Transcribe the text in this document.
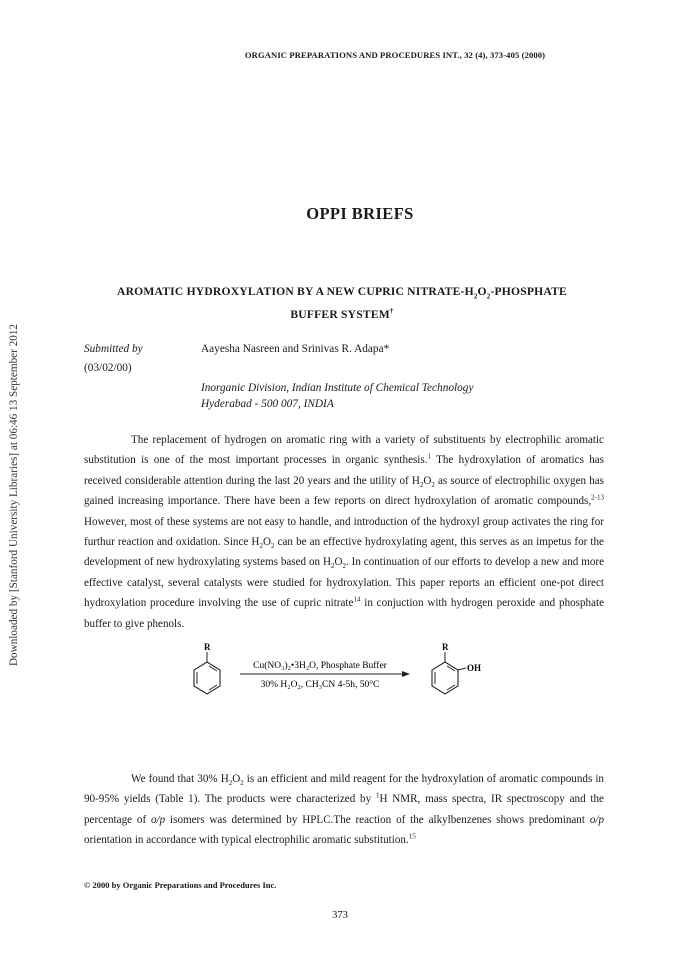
Downloaded by [Stanford University Libraries] at 06:46 13 September 2012
ORGANIC PREPARATIONS AND PROCEDURES INT., 32 (4), 373-405 (2000)
OPPI BRIEFS
AROMATIC HYDROXYLATION BY A NEW CUPRIC NITRATE-$H_2O_2$-PHOSPHATE
BUFFER SYSTEM†
Submitted by
(03/02/00)
Aayesha Nasreen and Srinivas R. Adapa*
Inorganic Division, Indian Institute of Chemical Technology
Hyderabad - 500 007, INDIA
The replacement of hydrogen on aromatic ring with a variety of substituents by electrophilic aromatic substitution is one of the most important processes in organic synthesis.$^1$ The hydroxylation of aromatics has received considerable attention during the last 20 years and the utility of $H_2O_2$ as source of electrophilic oxygen has gained increasing importance. There have been a few reports on direct hydroxylation of aromatic compounds,$^{2-13}$ However, most of these systems are not easy to handle, and introduction of the hydroxyl group activates the ring for furthur reaction and oxidation. Since $H_2O_2$ can be an effective hydroxylating agent, this serves as an impetus for the development of new hydroxylating systems based on $H_2O_2$. In continuation of our efforts to develop a new and more effective catalyst, several catalysts were studied for hydroxylation. This paper reports an efficient one-pot direct hydroxylation procedure involving the use of cupric nitrate$^{14}$ in conjuction with hydrogen peroxide and phosphate buffer to give phenols.
R
Cu(NO₃)₂•3H₂O, Phosphate Buffer
30% H₂O₂, CH₃CN 4-5h, 50°C
R
OH
We found that 30% $H_2O_2$ is an efficient and mild reagent for the hydroxylation of aromatic compounds in 90-95% yields (Table 1). The products were characterized by $^1$H NMR, mass spectra, IR spectroscopy and the percentage of o/p isomers was determined by HPLC.The reaction of the alkylbenzenes shows predominant o/p orientation in accordance with typical electrophilic aromatic substitution.$^{15}$
© 2000 by Organic Preparations and Procedures Inc.
373
